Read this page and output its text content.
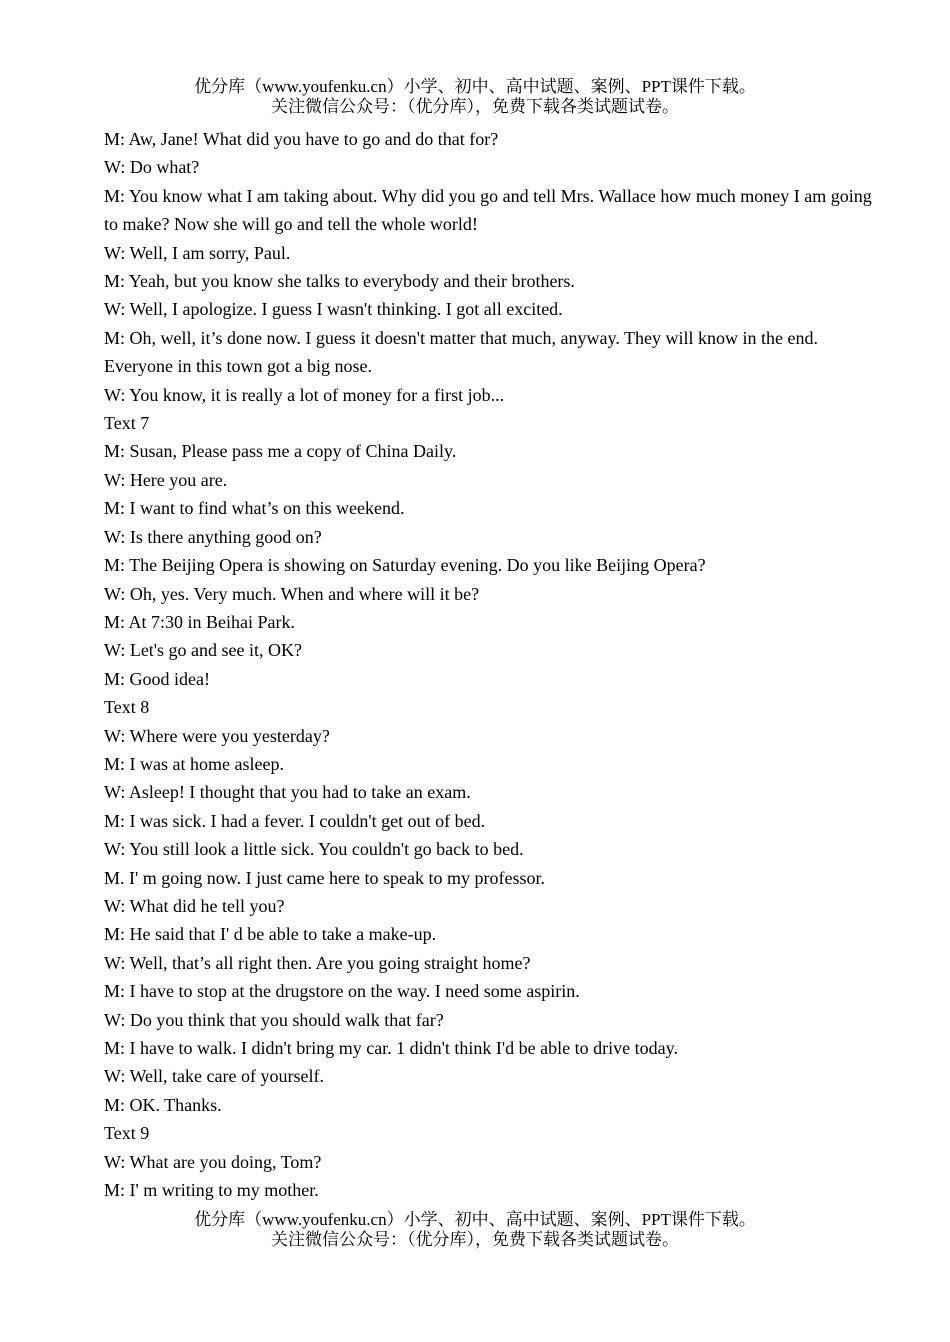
优分库（www.youfenku.cn）小学、初中、高中试题、案例、PPT课件下载。
关注微信公众号：（优分库），免费下载各类试题试卷。

M: Aw, Jane! What did you have to go and do that for?

W: Do what?

M: You know what I am taking about. Why did you go and tell Mrs. Wallace how much money I am going to make? Now she will go and tell the whole world!

W: Well, I am sorry, Paul.

M: Yeah, but you know she talks to everybody and their brothers.

W: Well, I apologize. I guess I wasn't thinking. I got all excited.

M: Oh, well, it’s done now. I guess it doesn't matter that much, anyway. They will know in the end. Everyone in this town got a big nose.

W: You know, it is really a lot of money for a first job...

Text 7

M: Susan, Please pass me a copy of China Daily.

W: Here you are.

M: I want to find what’s on this weekend.

W: Is there anything good on?

M: The Beijing Opera is showing on Saturday evening. Do you like Beijing Opera?

W: Oh, yes. Very much. When and where will it be?

M: At 7:30 in Beihai Park.

W: Let's go and see it, OK?

M: Good idea!

Text 8

W: Where were you yesterday?

M: I was at home asleep.

W: Asleep! I thought that you had to take an exam.

M: I was sick. I had a fever. I couldn't get out of bed.

W: You still look a little sick. You couldn't go back to bed.

M. I' m going now. I just came here to speak to my professor.

W: What did he tell you?

M: He said that I' d be able to take a make-up.

W: Well, that’s all right then. Are you going straight home?

M: I have to stop at the drugstore on the way. I need some aspirin.

W: Do you think that you should walk that far?

M: I have to walk. I didn't bring my car. 1 didn't think I'd be able to drive today.

W: Well, take care of yourself.

M: OK. Thanks.

Text 9

W: What are you doing, Tom?

M: I' m writing to my mother.

优分库（www.youfenku.cn）小学、初中、高中试题、案例、PPT课件下载。
关注微信公众号：（优分库），免费下载各类试题试卷。
